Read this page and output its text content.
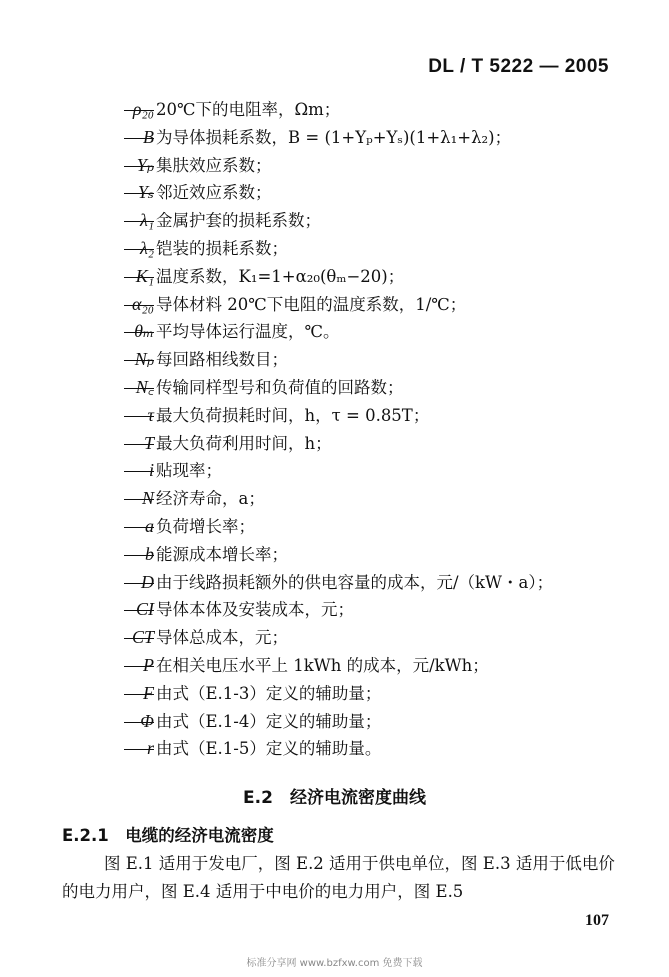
DL / T 5222 — 2005
ρ₂₀ 20℃下的电阻率，Ωm；
B 为导体损耗系数，B = (1+Yₚ+Yₛ)(1+λ₁+λ₂)；
Yₚ 集肤效应系数；
Yₛ 邻近效应系数；
λ₁ 金属护套的损耗系数；
λ₂ 铠装的损耗系数；
K₁ 温度系数，K₁=1+α₂₀(θₘ−20)；
α₂₀ 导体材料 20℃下电阻的温度系数，1/℃；
θₘ 平均导体运行温度，℃。
Nₚ 每回路相线数目；
N꜀ 传输同样型号和负荷值的回路数；
τ 最大负荷损耗时间，h，τ = 0.85T；
T 最大负荷利用时间，h；
i 贴现率；
N 经济寿命，a；
a 负荷增长率；
b 能源成本增长率；
D 由于线路损耗额外的供电容量的成本，元/（kW・a）；
CI 导体本体及安装成本，元；
CT 导体总成本，元；
P 在相关电压水平上 1kWh 的成本，元/kWh；
F 由式（E.1-3）定义的辅助量；
Φ 由式（E.1-4）定义的辅助量；
r 由式（E.1-5）定义的辅助量。
E.2　经济电流密度曲线
E.2.1　电缆的经济电流密度
图 E.1 适用于发电厂，图 E.2 适用于供电单位，图 E.3 适用于低电价的电力用户，图 E.4 适用于中电价的电力用户，图 E.5
107
标准分享网 www.bzfxw.com 免费下载
